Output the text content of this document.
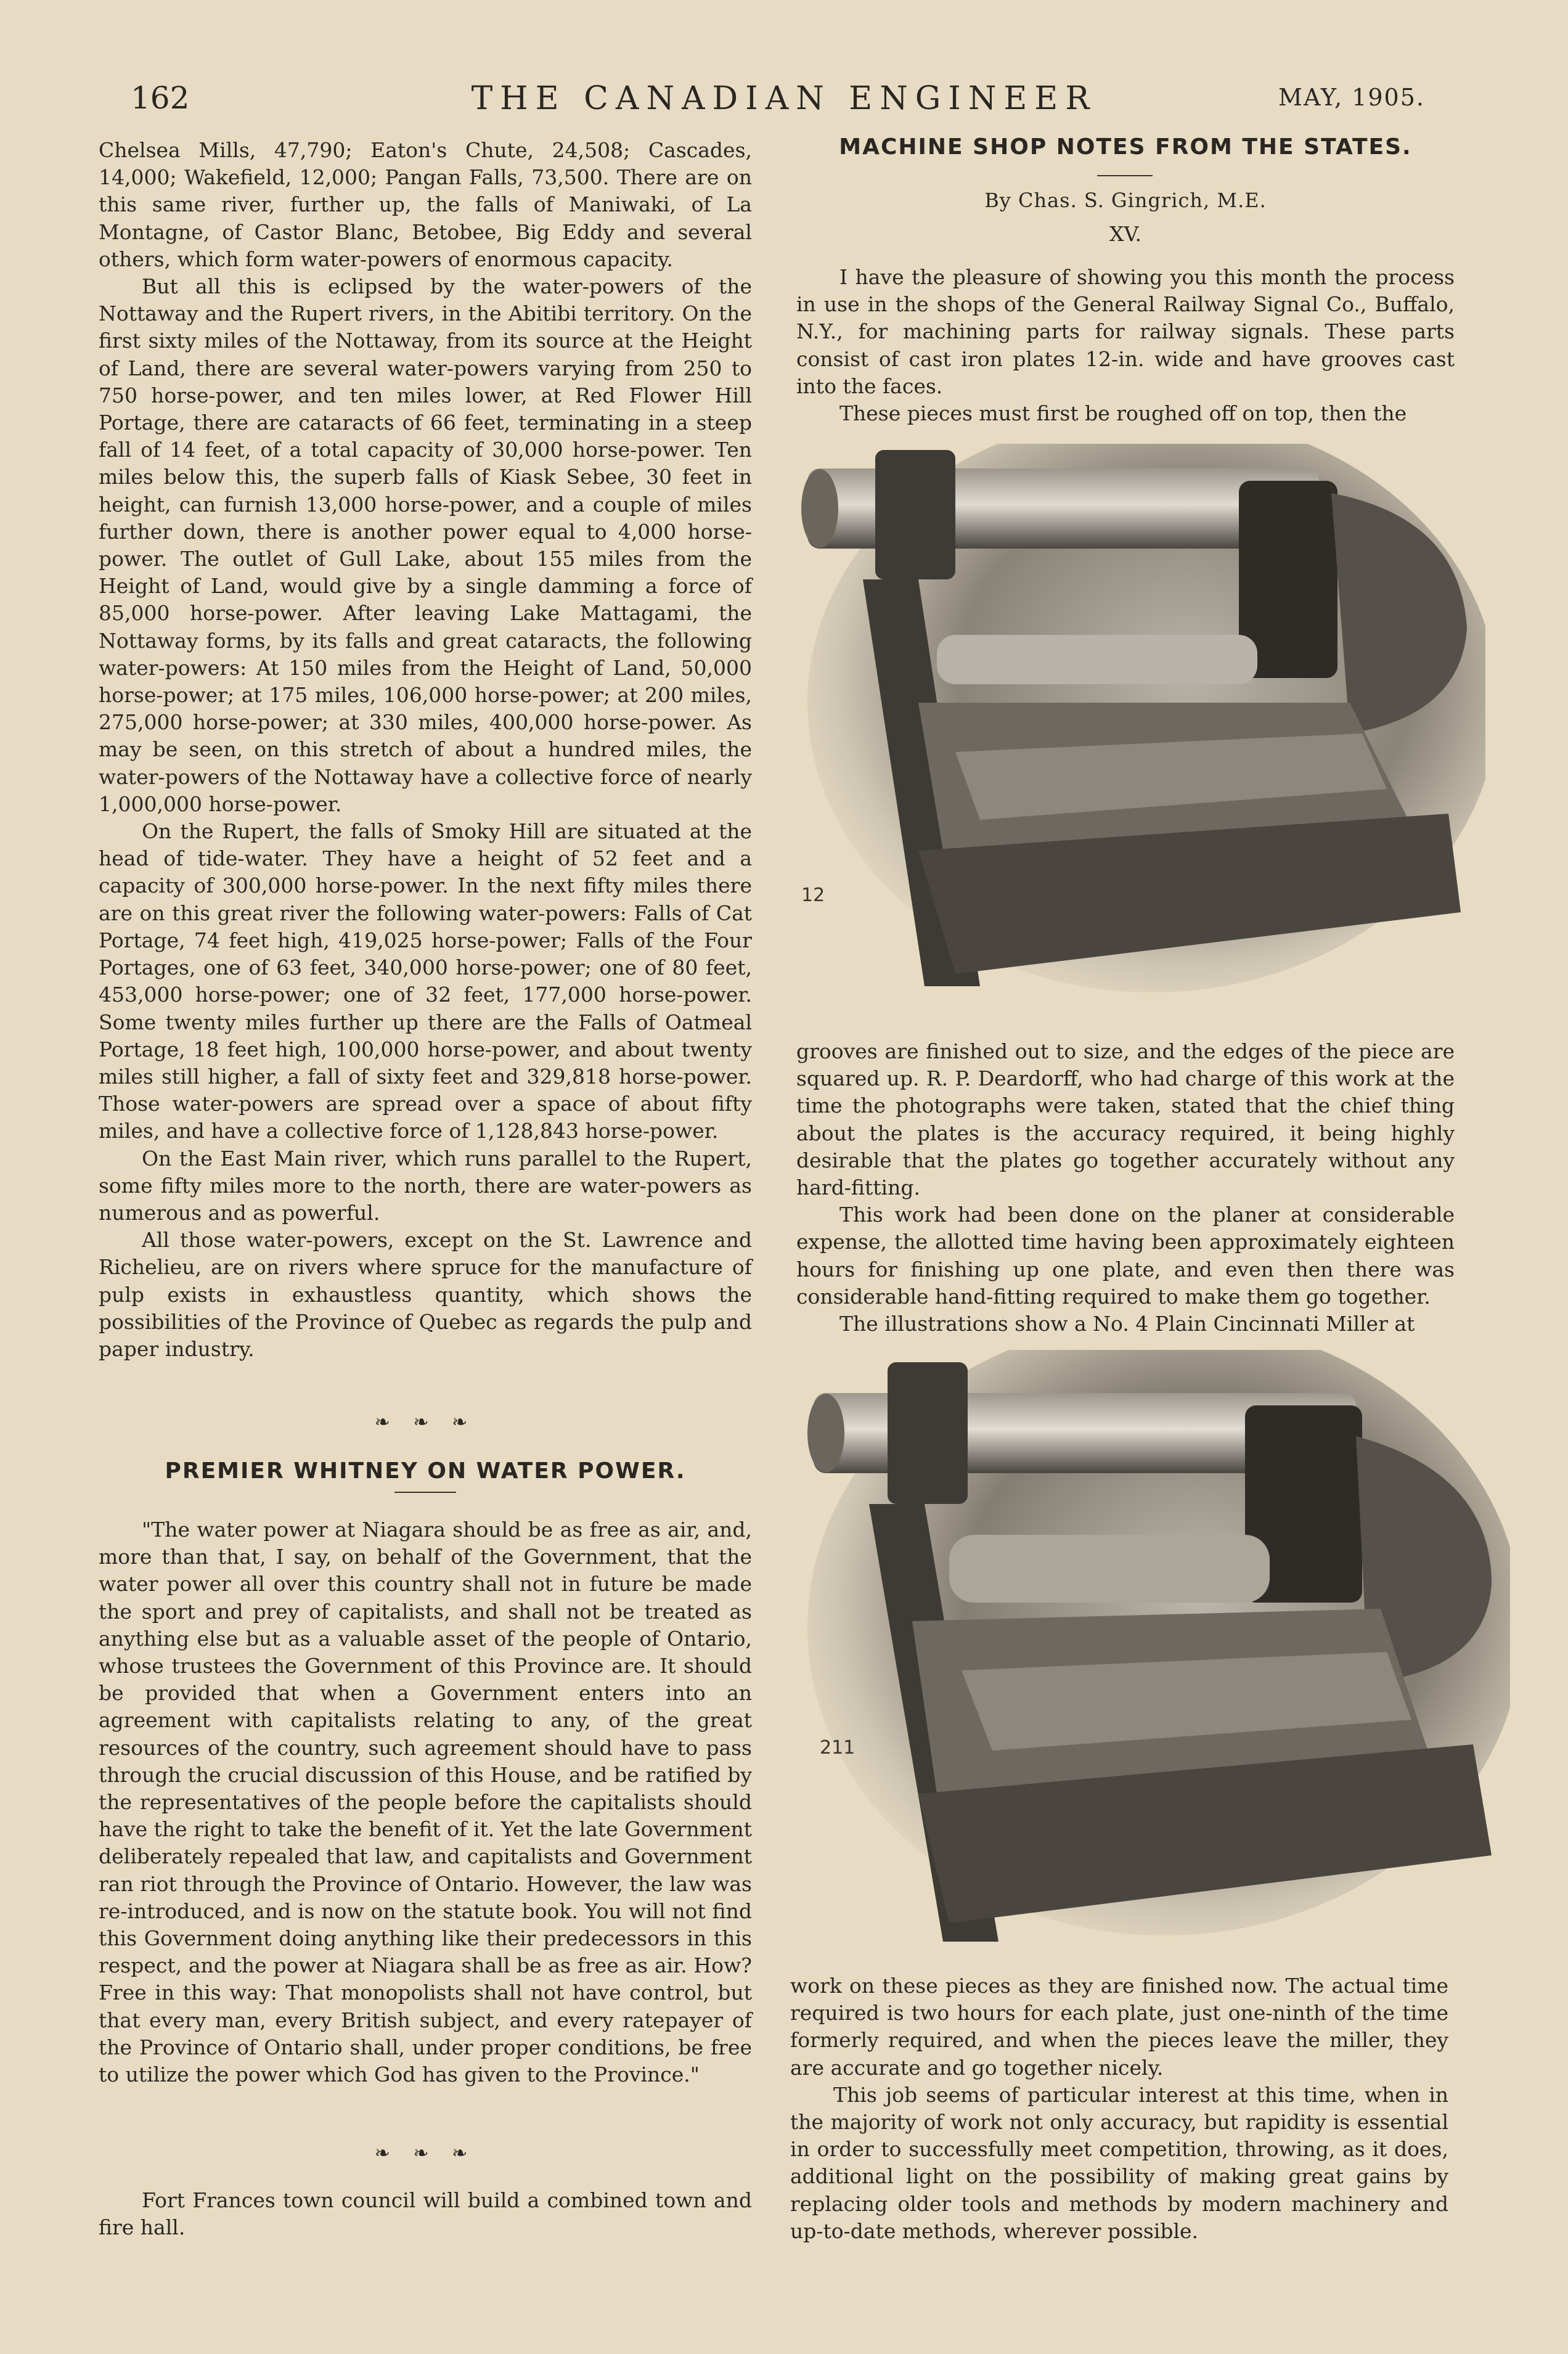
162	THE CANADIAN ENGINEER	MAY, 1905.

Chelsea Mills, 47,790; Eaton's Chute, 24,508; Cascades, 14,000; Wakefield, 12,000; Pangan Falls, 73,500. There are on this same river, further up, the falls of Maniwaki, of La Montagne, of Castor Blanc, Betobee, Big Eddy and several others, which form water-powers of enormous capacity.

But all this is eclipsed by the water-powers of the Nottaway and the Rupert rivers, in the Abitibi territory. On the first sixty miles of the Nottaway, from its source at the Height of Land, there are several water-powers varying from 250 to 750 horse-power, and ten miles lower, at Red Flower Hill Portage, there are cataracts of 66 feet, terminating in a steep fall of 14 feet, of a total capacity of 30,000 horse-power. Ten miles below this, the superb falls of Kiask Sebee, 30 feet in height, can furnish 13,000 horse-power, and a couple of miles further down, there is another power equal to 4,000 horse-power. The outlet of Gull Lake, about 155 miles from the Height of Land, would give by a single damming a force of 85,000 horse-power. After leaving Lake Mattagami, the Nottaway forms, by its falls and great cataracts, the following water-powers: At 150 miles from the Height of Land, 50,000 horse-power; at 175 miles, 106,000 horse-power; at 200 miles, 275,000 horse-power; at 330 miles, 400,000 horse-power. As may be seen, on this stretch of about a hundred miles, the water-powers of the Nottaway have a collective force of nearly 1,000,000 horse-power.

On the Rupert, the falls of Smoky Hill are situated at the head of tide-water. They have a height of 52 feet and a capacity of 300,000 horse-power. In the next fifty miles there are on this great river the following water-powers: Falls of Cat Portage, 74 feet high, 419,025 horse-power; Falls of the Four Portages, one of 63 feet, 340,000 horse-power; one of 80 feet, 453,000 horse-power; one of 32 feet, 177,000 horse-power. Some twenty miles further up there are the Falls of Oatmeal Portage, 18 feet high, 100,000 horse-power, and about twenty miles still higher, a fall of sixty feet and 329,818 horse-power. Those water-powers are spread over a space of about fifty miles, and have a collective force of 1,128,843 horse-power.

On the East Main river, which runs parallel to the Rupert, some fifty miles more to the north, there are water-powers as numerous and as powerful.

All those water-powers, except on the St. Lawrence and Richelieu, are on rivers where spruce for the manufacture of pulp exists in exhaustless quantity, which shows the possibilities of the Province of Quebec as regards the pulp and paper industry.

❧ ❧ ❧
PREMIER WHITNEY ON WATER POWER.

"The water power at Niagara should be as free as air, and, more than that, I say, on behalf of the Government, that the water power all over this country shall not in future be made the sport and prey of capitalists, and shall not be treated as anything else but as a valuable asset of the people of Ontario, whose trustees the Government of this Province are. It should be provided that when a Government enters into an agreement with capitalists relating to any, of the great resources of the country, such agreement should have to pass through the crucial discussion of this House, and be ratified by the representatives of the people before the capitalists should have the right to take the benefit of it. Yet the late Government deliberately repealed that law, and capitalists and Government ran riot through the Province of Ontario. However, the law was re-introduced, and is now on the statute book. You will not find this Government doing anything like their predecessors in this respect, and the power at Niagara shall be as free as air. How? Free in this way: That monopolists shall not have control, but that every man, every British subject, and every ratepayer of the Province of Ontario shall, under proper conditions, be free to utilize the power which God has given to the Province."

❧ ❧ ❧

Fort Frances town council will build a combined town and fire hall.

MACHINE SHOP NOTES FROM THE STATES.
By Chas. S. Gingrich, M.E.
XV.

I have the pleasure of showing you this month the process in use in the shops of the General Railway Signal Co., Buffalo, N.Y., for machining parts for railway signals. These parts consist of cast iron plates 12-in. wide and have grooves cast into the faces.

These pieces must first be roughed off on top, then the

12

grooves are finished out to size, and the edges of the piece are squared up. R. P. Deardorff, who had charge of this work at the time the photographs were taken, stated that the chief thing about the plates is the accuracy required, it being highly desirable that the plates go together accurately without any hard-fitting.

This work had been done on the planer at considerable expense, the allotted time having been approximately eighteen hours for finishing up one plate, and even then there was considerable hand-fitting required to make them go together.

The illustrations show a No. 4 Plain Cincinnati Miller at

211

work on these pieces as they are finished now. The actual time required is two hours for each plate, just one-ninth of the time formerly required, and when the pieces leave the miller, they are accurate and go together nicely.

This job seems of particular interest at this time, when in the majority of work not only accuracy, but rapidity is essential in order to successfully meet competition, throwing, as it does, additional light on the possibility of making great gains by replacing older tools and methods by modern machinery and up-to-date methods, wherever possible.
